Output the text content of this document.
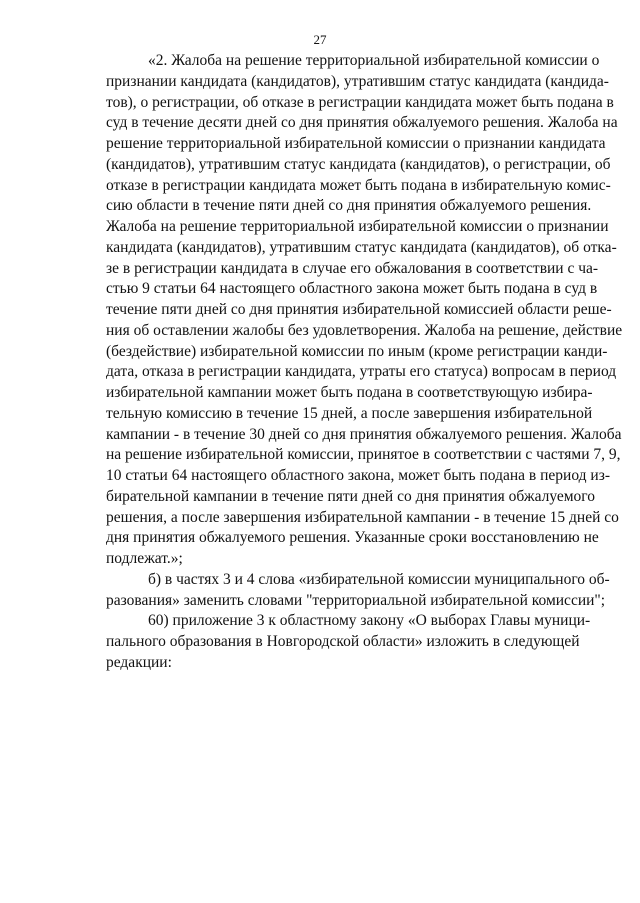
27
«2. Жалоба на решение территориальной избирательной комиссии о
признании кандидата (кандидатов), утратившим статус кандидата (кандида-
тов), о регистрации, об отказе в регистрации кандидата может быть подана в
суд в течение десяти дней со дня принятия обжалуемого решения. Жалоба на
решение территориальной избирательной комиссии о признании кандидата
(кандидатов), утратившим статус кандидата (кандидатов), о регистрации, об
отказе в регистрации кандидата может быть подана в избирательную комис-
сию области в течение пяти дней со дня принятия обжалуемого решения.
Жалоба на решение территориальной избирательной комиссии о признании
кандидата (кандидатов), утратившим статус кандидата (кандидатов), об отка-
зе в регистрации кандидата в случае его обжалования в соответствии с ча-
стью 9 статьи 64 настоящего областного закона может быть подана в суд в
течение пяти дней со дня принятия избирательной комиссией области реше-
ния об оставлении жалобы без удовлетворения. Жалоба на решение, действие
(бездействие) избирательной комиссии по иным (кроме регистрации канди-
дата, отказа в регистрации кандидата, утраты его статуса) вопросам в период
избирательной кампании может быть подана в соответствующую избира-
тельную комиссию в течение 15 дней, а после завершения избирательной
кампании - в течение 30 дней со дня принятия обжалуемого решения. Жалоба
на решение избирательной комиссии, принятое в соответствии с частями 7, 9,
10 статьи 64 настоящего областного закона, может быть подана в период из-
бирательной кампании в течение пяти дней со дня принятия обжалуемого
решения, а после завершения избирательной кампании - в течение 15 дней со
дня принятия обжалуемого решения. Указанные сроки восстановлению не
подлежат.»;
б) в частях 3 и 4 слова «избирательной комиссии муниципального об-
разования» заменить словами "территориальной избирательной комиссии";
60) приложение 3 к областному закону «О выборах Главы муници-
пального образования в Новгородской области» изложить в следующей
редакции:
